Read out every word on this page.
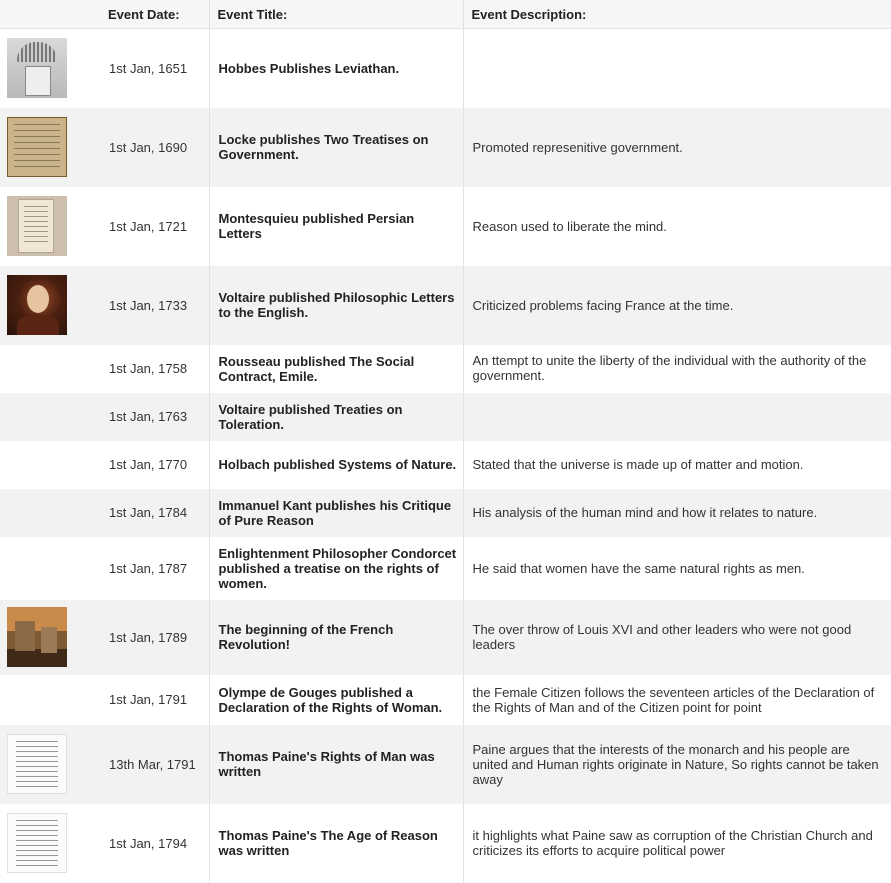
	Event Date:	Event Title:	Event Description:

	1st Jan, 1651	Hobbes Publishes Leviathan.	

	1st Jan, 1690	Locke publishes Two Treatises on Government.	Promoted represenitive government.

	1st Jan, 1721	Montesquieu published Persian Letters	Reason used to liberate the mind.

	1st Jan, 1733	Voltaire published Philosophic Letters to the English.	Criticized problems facing France at the time.
	1st Jan, 1758	Rousseau published The Social Contract, Emile.	An ttempt to unite the liberty of the individual with the authority of the government.
	1st Jan, 1763	Voltaire published Treaties on Toleration.	
	1st Jan, 1770	Holbach published Systems of Nature.	Stated that the universe is made up of matter and motion.
	1st Jan, 1784	Immanuel Kant publishes his Critique of Pure Reason	His analysis of the human mind and how it relates to nature.
	1st Jan, 1787	Enlightenment Philosopher Condorcet published a treatise on the rights of women.	He said that women have the same natural rights as men.

	1st Jan, 1789	The beginning of the French Revolution!	The over throw of Louis XVI and other leaders who were not good leaders
	1st Jan, 1791	Olympe de Gouges published a Declaration of the Rights of Woman.	the Female Citizen follows the seventeen articles of the Declaration of the Rights of Man and of the Citizen point for point

	13th Mar, 1791	Thomas Paine's Rights of Man was written	Paine argues that the interests of the monarch and his people are united and Human rights originate in Nature, So rights cannot be taken away

	1st Jan, 1794	Thomas Paine's The Age of Reason was written	it highlights what Paine saw as corruption of the Christian Church and criticizes its efforts to acquire political power
